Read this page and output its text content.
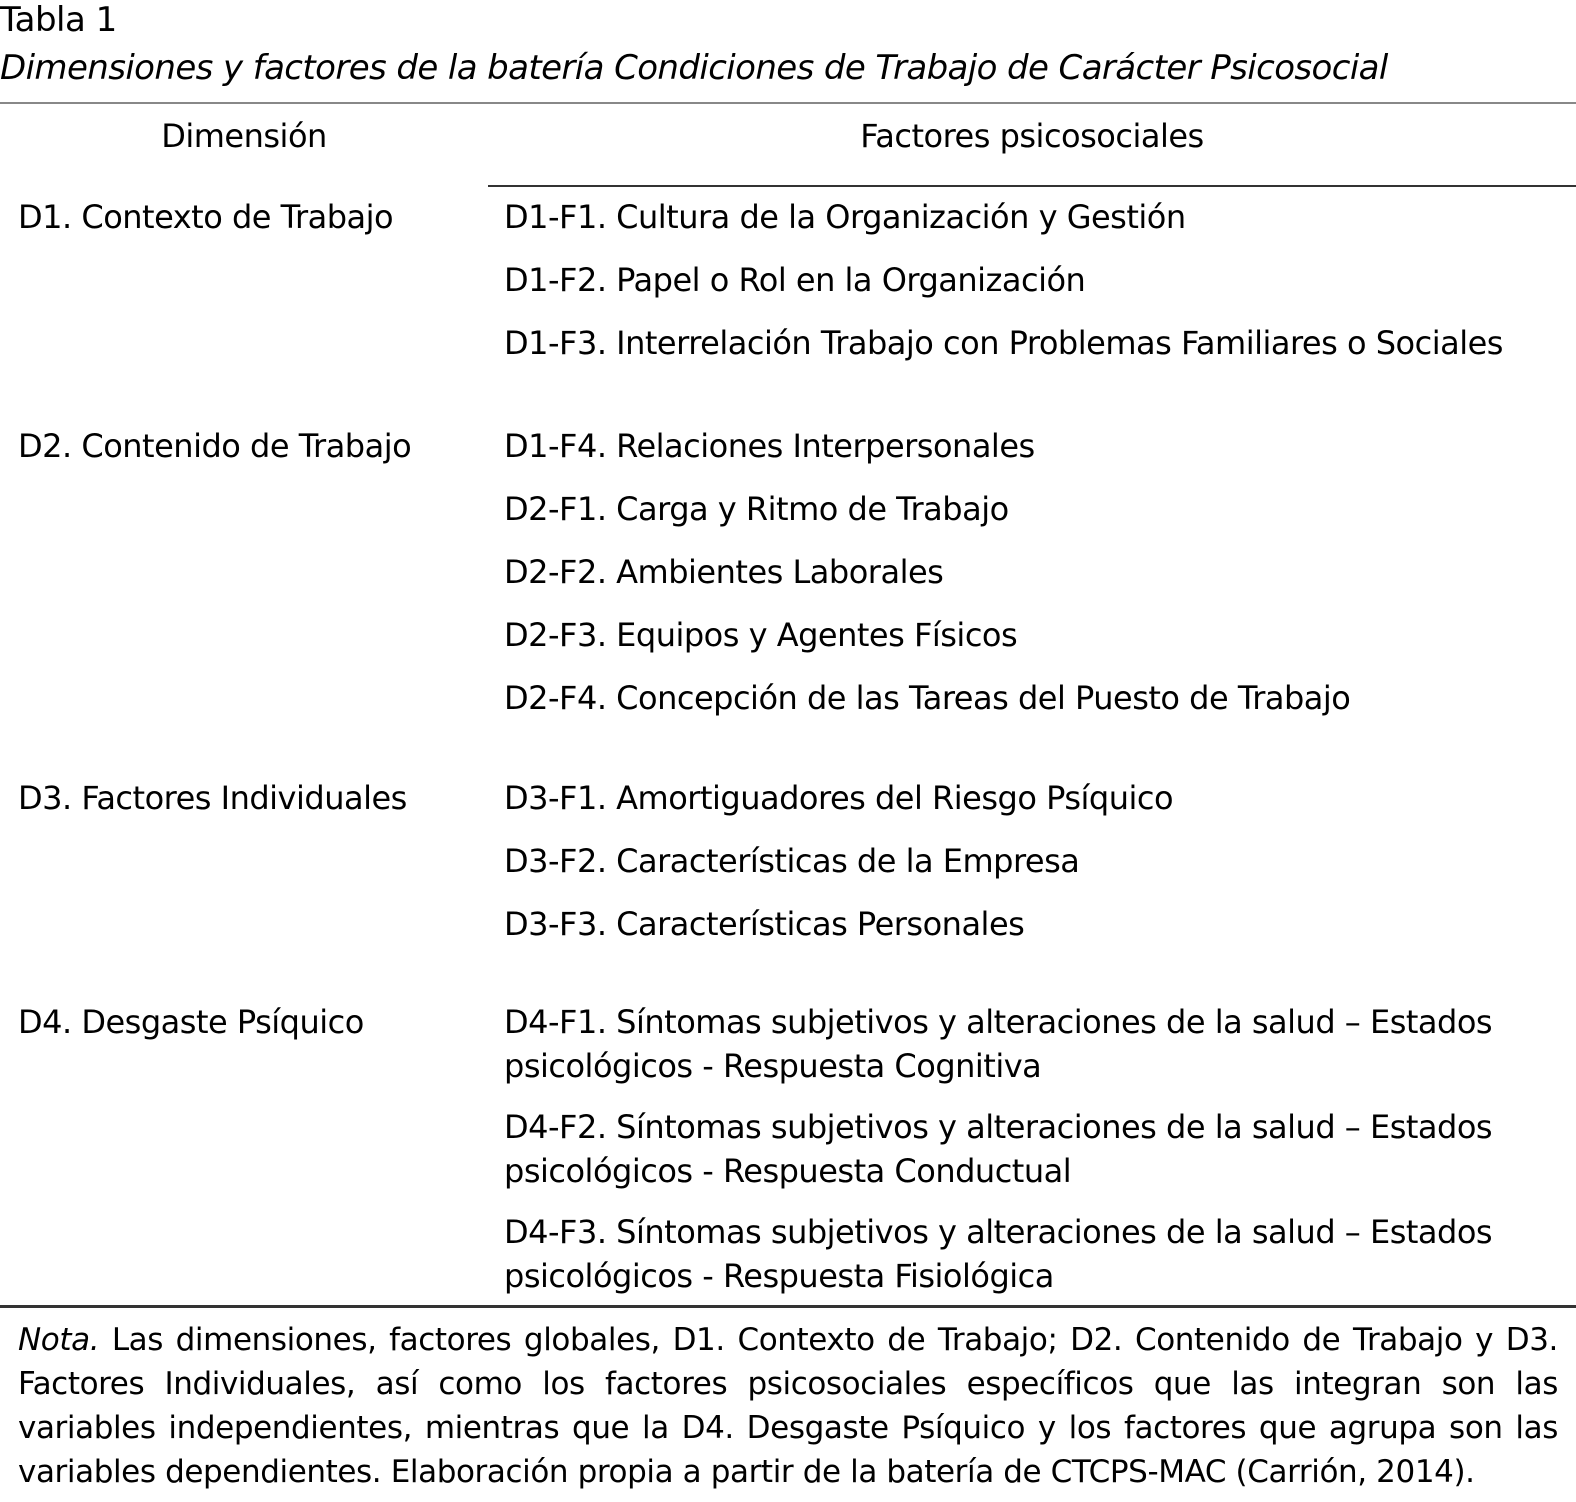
Tabla 1
Dimensiones y factores de la batería Condiciones de Trabajo de Carácter Psicosocial
Dimensión	Factores psicosociales
D1. Contexto de Trabajo
D2. Contenido de Trabajo
D3. Factores Individuales
D4. Desgaste Psíquico
D1-F1. Cultura de la Organización y Gestión
D1-F2. Papel o Rol en la Organización
D1-F3. Interrelación Trabajo con Problemas Familiares o Sociales
D1-F4. Relaciones Interpersonales
D2-F1. Carga y Ritmo de Trabajo
D2-F2. Ambientes Laborales
D2-F3. Equipos y Agentes Físicos
D2-F4. Concepción de las Tareas del Puesto de Trabajo
D3-F1. Amortiguadores del Riesgo Psíquico
D3-F2. Características de la Empresa
D3-F3. Características Personales
D4-F1. Síntomas subjetivos y alteraciones de la salud – Estados psicológicos - Respuesta Cognitiva
D4-F2. Síntomas subjetivos y alteraciones de la salud – Estados psicológicos - Respuesta Conductual
D4-F3. Síntomas subjetivos y alteraciones de la salud – Estados psicológicos - Respuesta Fisiológica
Nota. Las dimensiones, factores globales, D1. Contexto de Trabajo; D2. Contenido de Trabajo y D3. Factores Individuales, así como los factores psicosociales específicos que las integran son las variables independientes, mientras que la D4. Desgaste Psíquico y los factores que agrupa son las variables dependientes. Elaboración propia a partir de la batería de CTCPS-MAC (Carrión, 2014).
